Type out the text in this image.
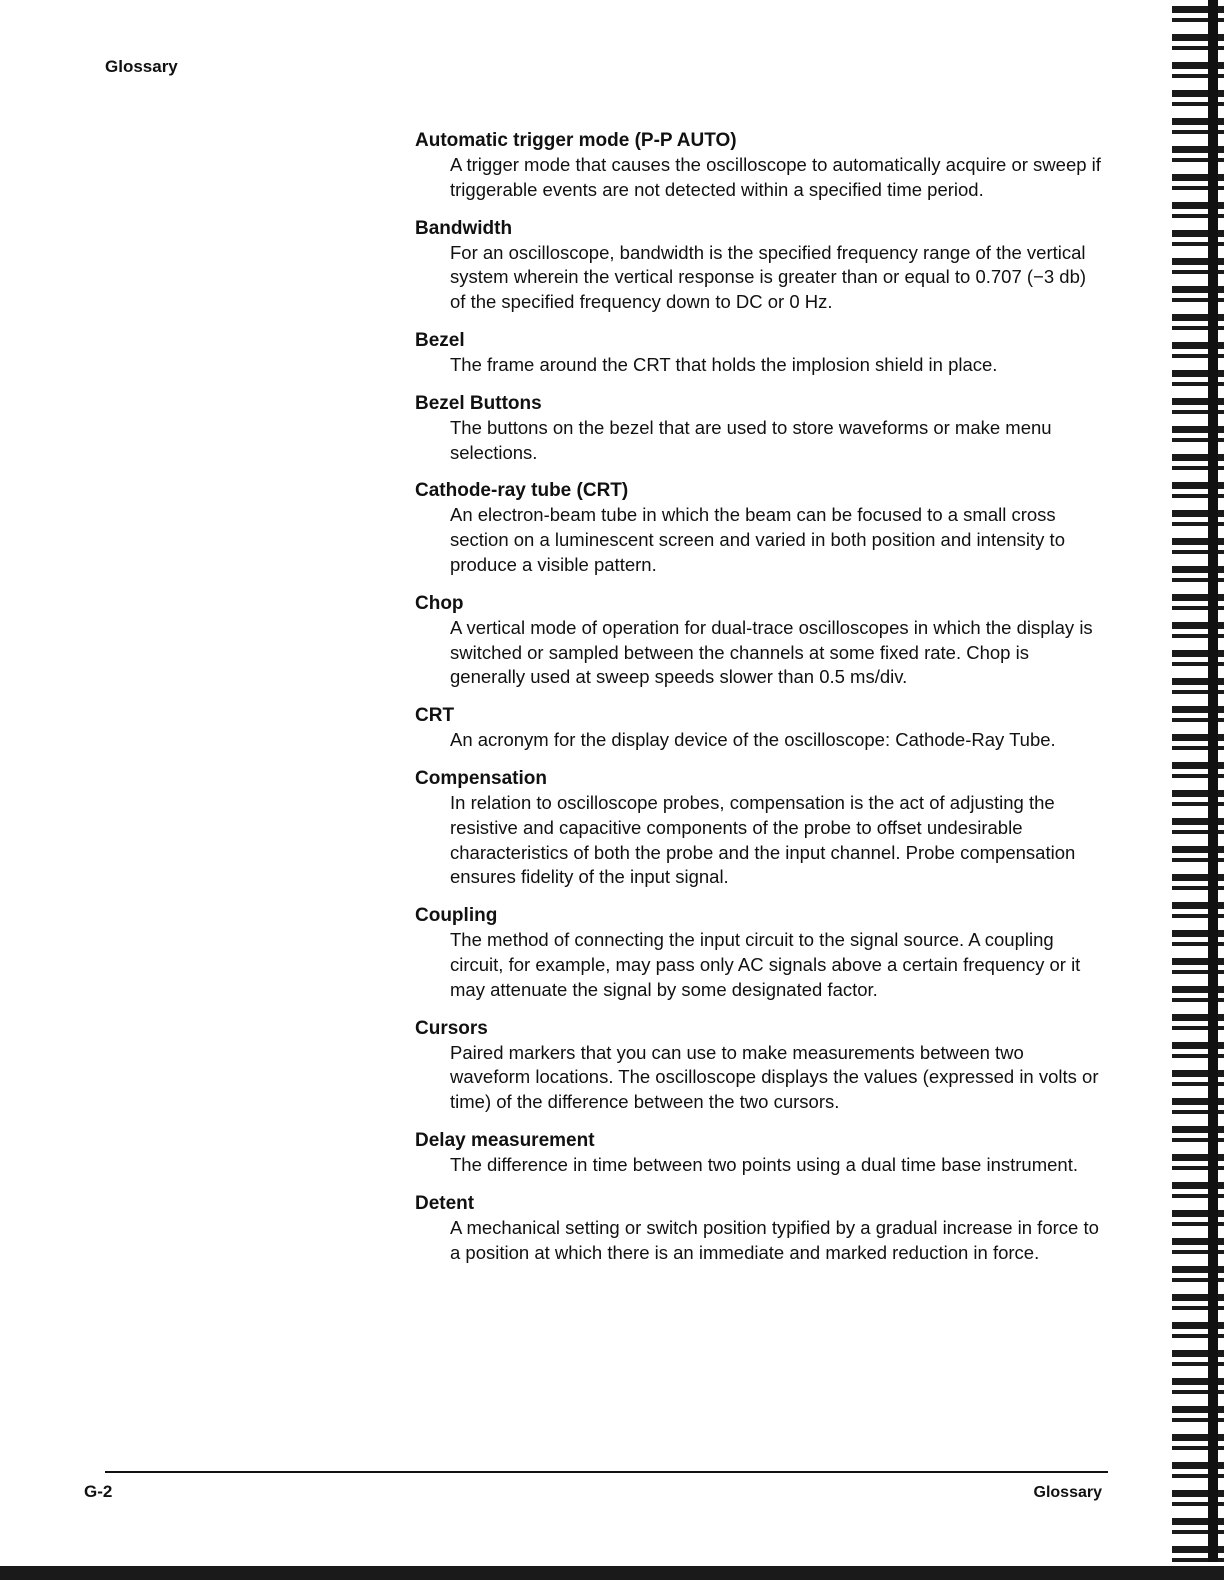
Glossary

Automatic trigger mode (P-P AUTO)

A trigger mode that causes the oscilloscope to automatically acquire or sweep if triggerable events are not detected within a specified time period.

Bandwidth

For an oscilloscope, bandwidth is the specified frequency range of the vertical system wherein the vertical response is greater than or equal to 0.707 (−3 db) of the specified frequency down to DC or 0 Hz.

Bezel

The frame around the CRT that holds the implosion shield in place.

Bezel Buttons

The buttons on the bezel that are used to store waveforms or make menu selections.

Cathode-ray tube (CRT)

An electron-beam tube in which the beam can be focused to a small cross section on a luminescent screen and varied in both position and intensity to produce a visible pattern.

Chop

A vertical mode of operation for dual-trace oscilloscopes in which the display is switched or sampled between the channels at some fixed rate. Chop is generally used at sweep speeds slower than 0.5 ms/div.

CRT

An acronym for the display device of the oscilloscope: Cathode-Ray Tube.

Compensation

In relation to oscilloscope probes, compensation is the act of adjusting the resistive and capacitive components of the probe to offset undesirable characteristics of both the probe and the input channel. Probe compensation ensures fidelity of the input signal.

Coupling

The method of connecting the input circuit to the signal source. A coupling circuit, for example, may pass only AC signals above a certain frequency or it may attenuate the signal by some designated factor.

Cursors

Paired markers that you can use to make measurements between two waveform locations. The oscilloscope displays the values (expressed in volts or time) of the difference between the two cursors.

Delay measurement

The difference in time between two points using a dual time base instrument.

Detent

A mechanical setting or switch position typified by a gradual increase in force to a position at which there is an immediate and marked reduction in force.

G-2	Glossary
